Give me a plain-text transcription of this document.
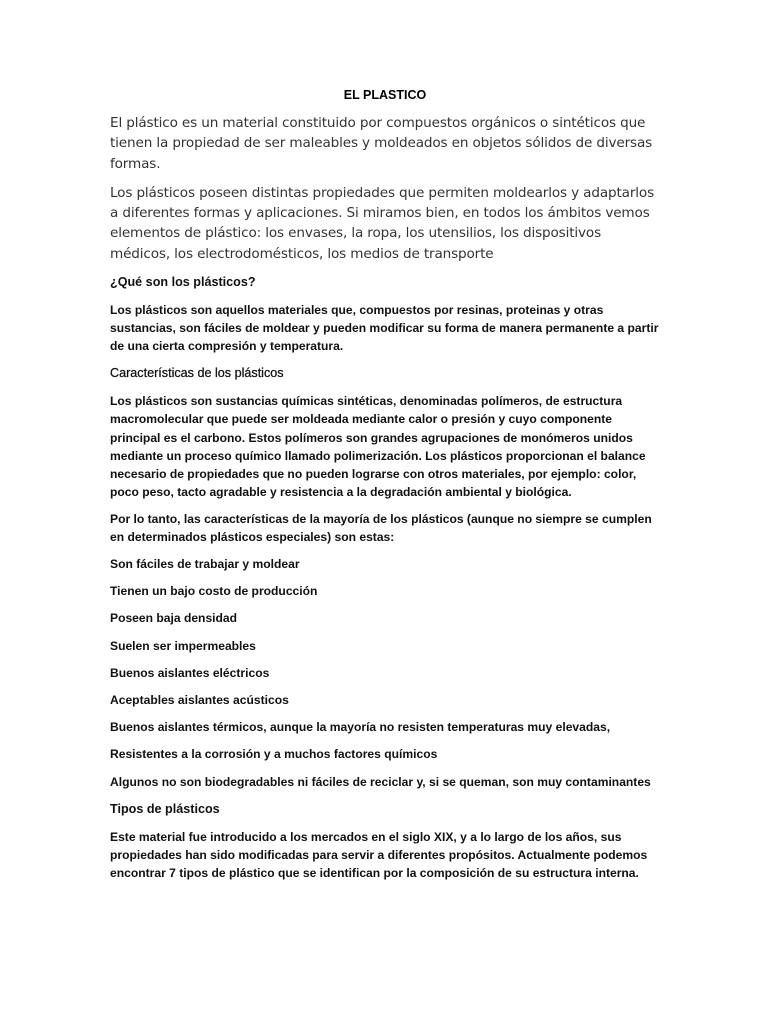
EL PLASTICO

El plástico es un material constituido por compuestos orgánicos o sintéticos que tienen la propiedad de ser maleables y moldeados en objetos sólidos de diversas formas.

Los plásticos poseen distintas propiedades que permiten moldearlos y adaptarlos a diferentes formas y aplicaciones. Si miramos bien, en todos los ámbitos vemos elementos de plástico: los envases, la ropa, los utensilios, los dispositivos médicos, los electrodomésticos, los medios de transporte

¿Qué son los plásticos?

Los plásticos son aquellos materiales que, compuestos por resinas, proteinas y otras sustancias, son fáciles de moldear y pueden modificar su forma de manera permanente a partir de una cierta compresión y temperatura.

Características de los plásticos

Los plásticos son sustancias químicas sintéticas, denominadas polímeros, de estructura macromolecular que puede ser moldeada mediante calor o presión y cuyo componente principal es el carbono. Estos polímeros son grandes agrupaciones de monómeros unidos mediante un proceso químico llamado polimerización. Los plásticos proporcionan el balance necesario de propiedades que no pueden lograrse con otros materiales, por ejemplo: color, poco peso, tacto agradable y resistencia a la degradación ambiental y biológica.

Por lo tanto, las características de la mayoría de los plásticos (aunque no siempre se cumplen en determinados plásticos especiales) son estas:

Son fáciles de trabajar y moldear
Tienen un bajo costo de producción
Poseen baja densidad
Suelen ser impermeables
Buenos aislantes eléctricos
Aceptables aislantes acústicos
Buenos aislantes térmicos, aunque la mayoría no resisten temperaturas muy elevadas,
Resistentes a la corrosión y a muchos factores químicos
Algunos no son biodegradables ni fáciles de reciclar y, si se queman, son muy contaminantes
Tipos de plásticos

Este material fue introducido a los mercados en el siglo XIX, y a lo largo de los años, sus propiedades han sido modificadas para servir a diferentes propósitos. Actualmente podemos encontrar 7 tipos de plástico que se identifican por la composición de su estructura interna.
